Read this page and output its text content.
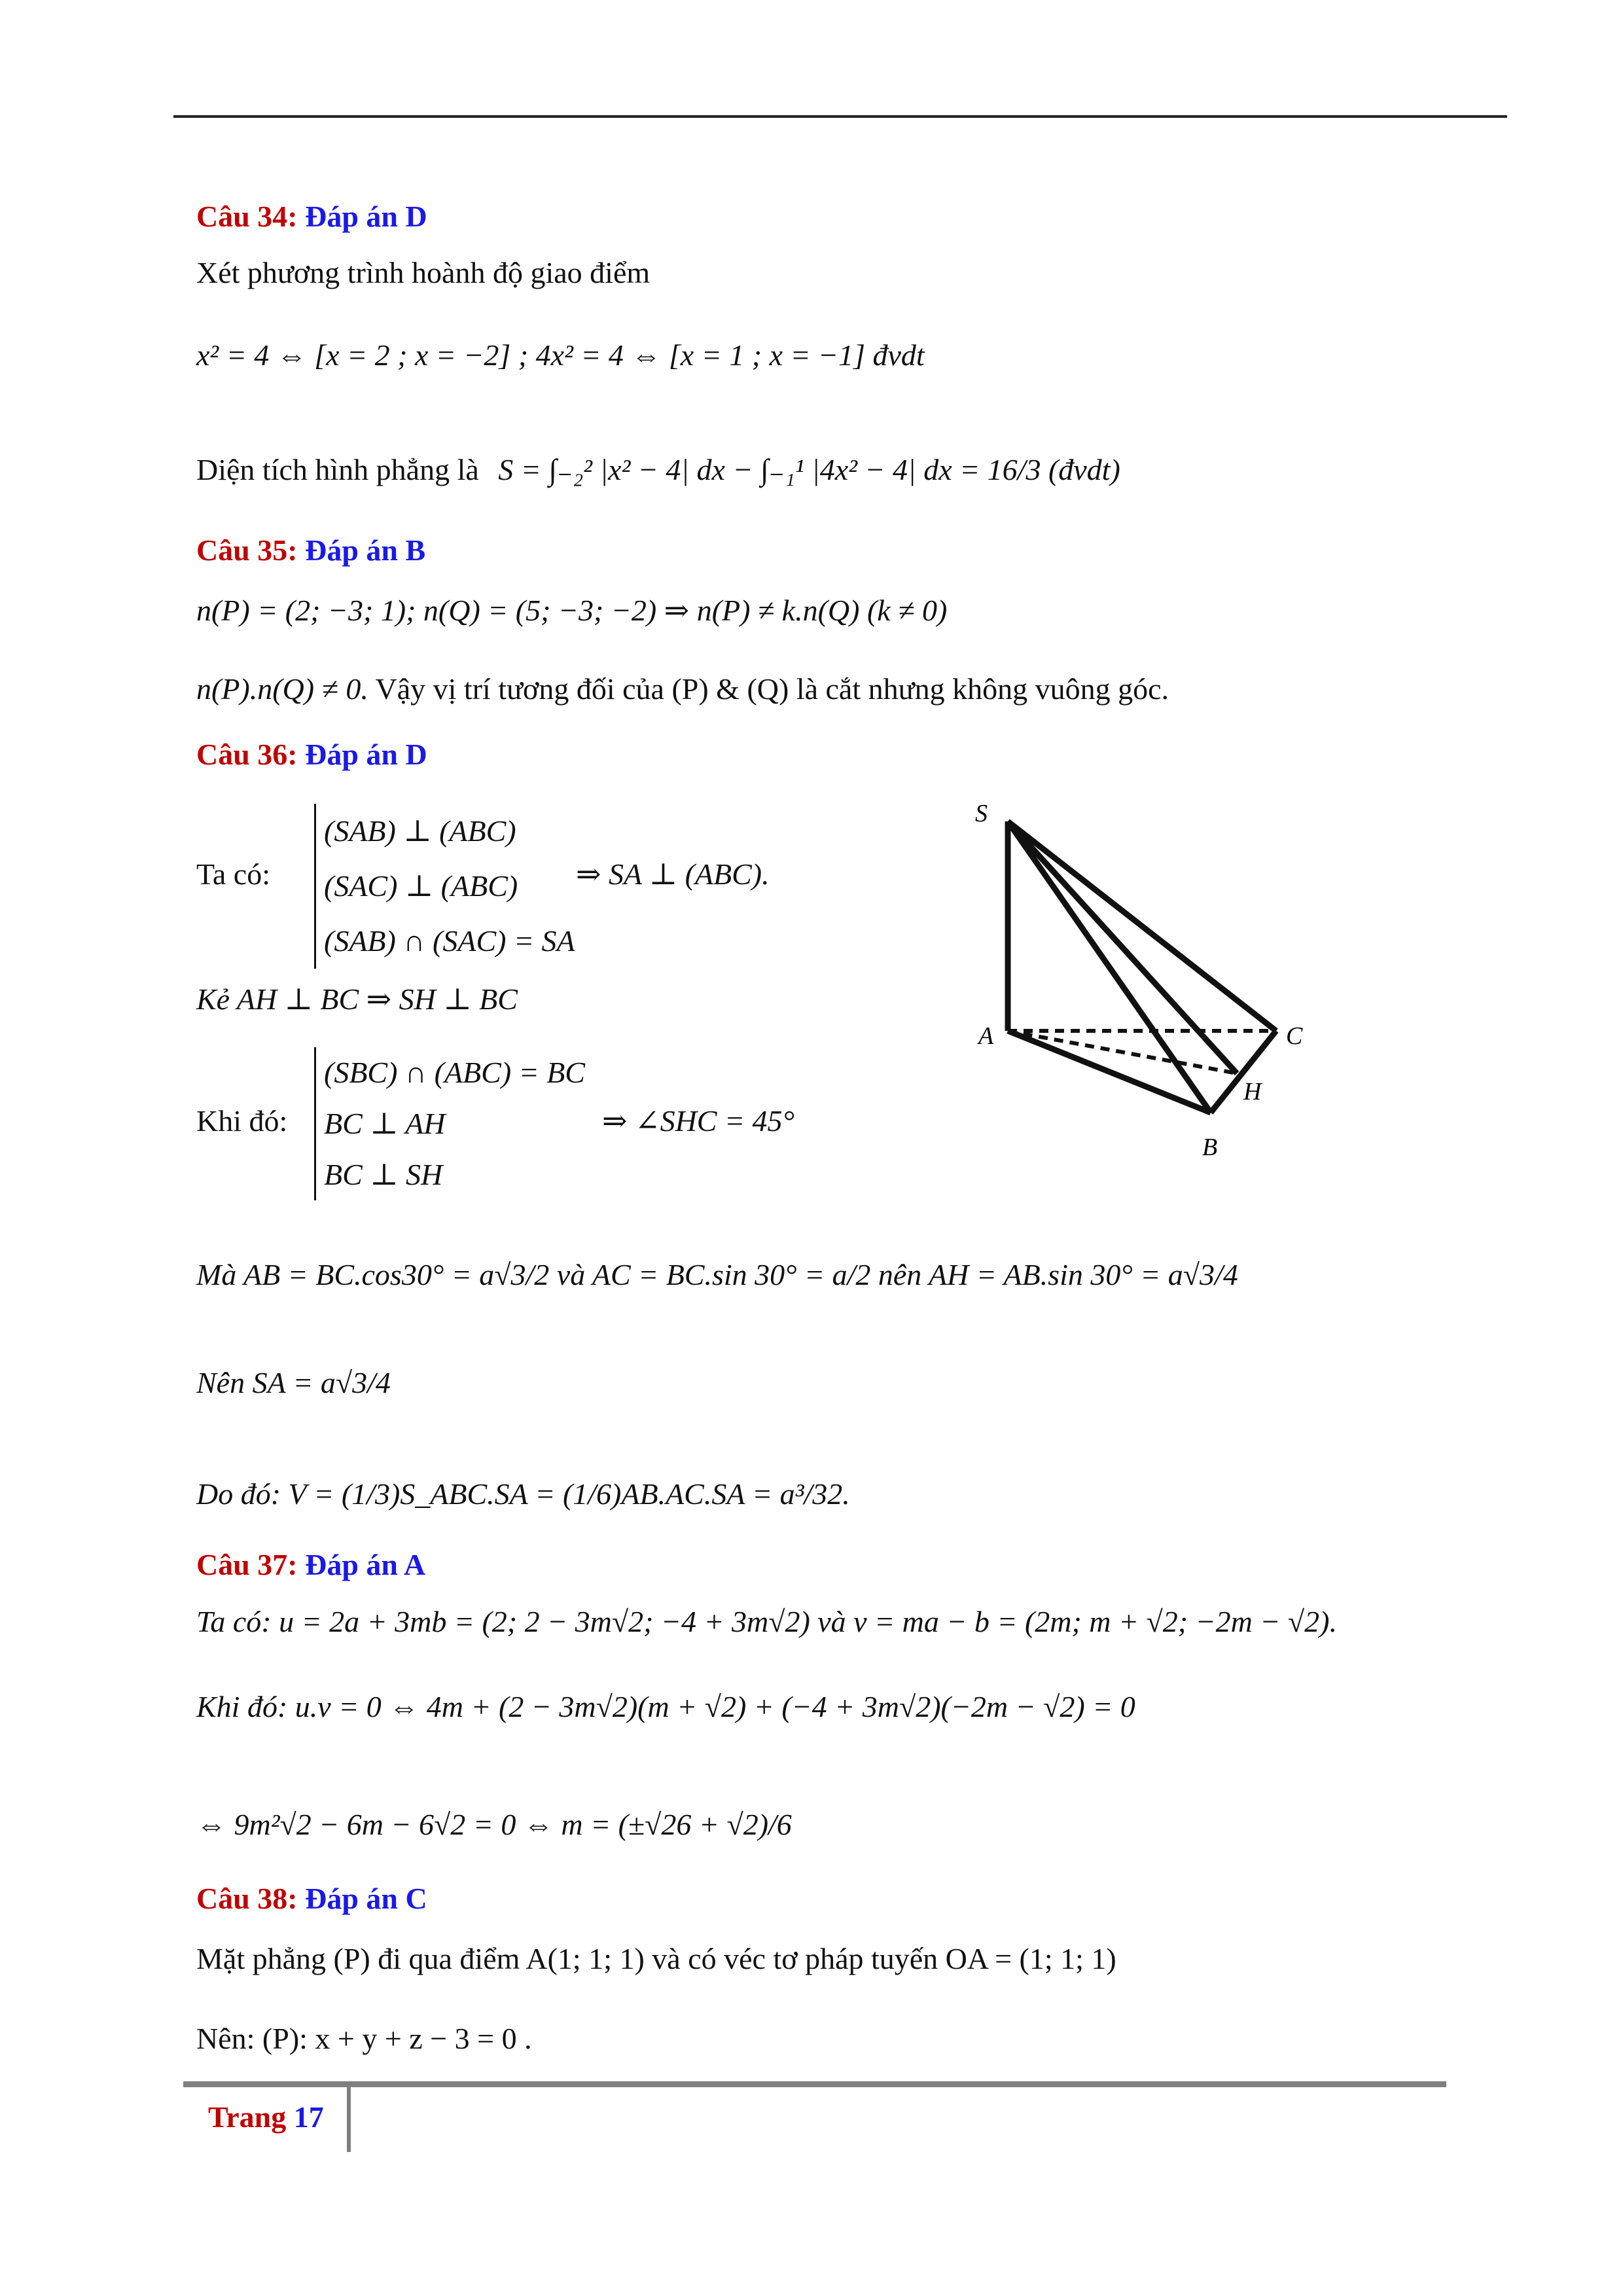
Câu 34: Đáp án D
Xét phương trình hoành độ giao điểm
x² = 4 ⇔ [x = 2 ; x = −2] ; 4x² = 4 ⇔ [x = 1 ; x = −1] đvdt
Diện tích hình phẳng là S = ∫₋₂² |x² − 4| dx − ∫₋₁¹ |4x² − 4| dx = 16/3 (đvdt)
Câu 35: Đáp án B
n(P) = (2; −3; 1); n(Q) = (5; −3; −2) ⇒ n(P) ≠ k.n(Q) (k ≠ 0)
n(P).n(Q) ≠ 0. Vậy vị trí tương đối của (P) & (Q) là cắt nhưng không vuông góc.
Câu 36: Đáp án D
Ta có:
(SAB) ⊥ (ABC)
(SAC) ⊥ (ABC)
(SAB) ∩ (SAC) = SA
⇒ SA ⊥ (ABC).
Kẻ AH ⊥ BC ⇒ SH ⊥ BC
Khi đó:
(SBC) ∩ (ABC) = BC
BC ⊥ AH
BC ⊥ SH
⇒ ∠SHC = 45°
Mà AB = BC.cos30° = a√3/2 và AC = BC.sin 30° = a/2 nên AH = AB.sin 30° = a√3/4
Nên SA = a√3/4
Do đó: V = (1/3)S_ABC.SA = (1/6)AB.AC.SA = a³/32.
S
A	C
H
B
Câu 37: Đáp án A
Ta có: u = 2a + 3mb = (2; 2 − 3m√2; −4 + 3m√2) và v = ma − b = (2m; m + √2; −2m − √2).
Khi đó: u.v = 0 ⇔ 4m + (2 − 3m√2)(m + √2) + (−4 + 3m√2)(−2m − √2) = 0
⇔ 9m²√2 − 6m − 6√2 = 0 ⇔ m = (±√26 + √2)/6
Câu 38: Đáp án C
Mặt phẳng (P) đi qua điểm A(1; 1; 1) và có véc tơ pháp tuyến OA = (1; 1; 1)
Nên: (P): x + y + z − 3 = 0 .
Trang 17
